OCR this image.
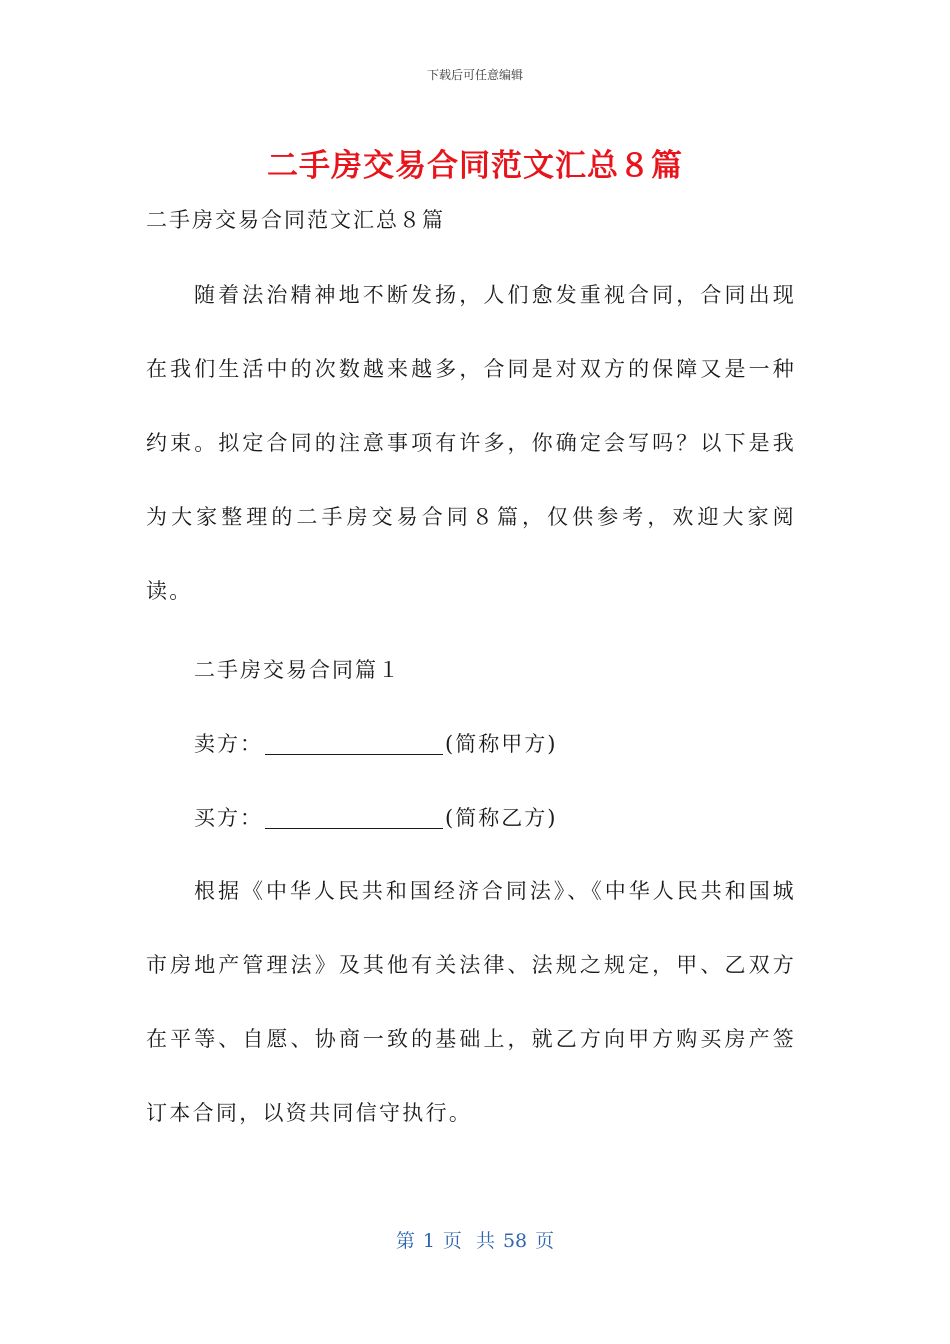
下载后可任意编辑
二手房交易合同范文汇总８篇
二手房交易合同范文汇总８篇
随着法治精神地不断发扬，人们愈发重视合同，合同出现在我们生活中的次数越来越多，合同是对双方的保障又是一种约束。拟定合同的注意事项有许多，你确定会写吗？以下是我为大家整理的二手房交易合同８篇，仅供参考，欢迎大家阅读。
二手房交易合同篇１
卖方：	(简称甲方)
买方：	(简称乙方)
根据《中华人民共和国经济合同法》、《中华人民共和国城市房地产管理法》及其他有关法律、法规之规定，甲、乙双方在平等、自愿、协商一致的基础上，就乙方向甲方购买房产签订本合同，以资共同信守执行。
第 1 页 共 58 页
